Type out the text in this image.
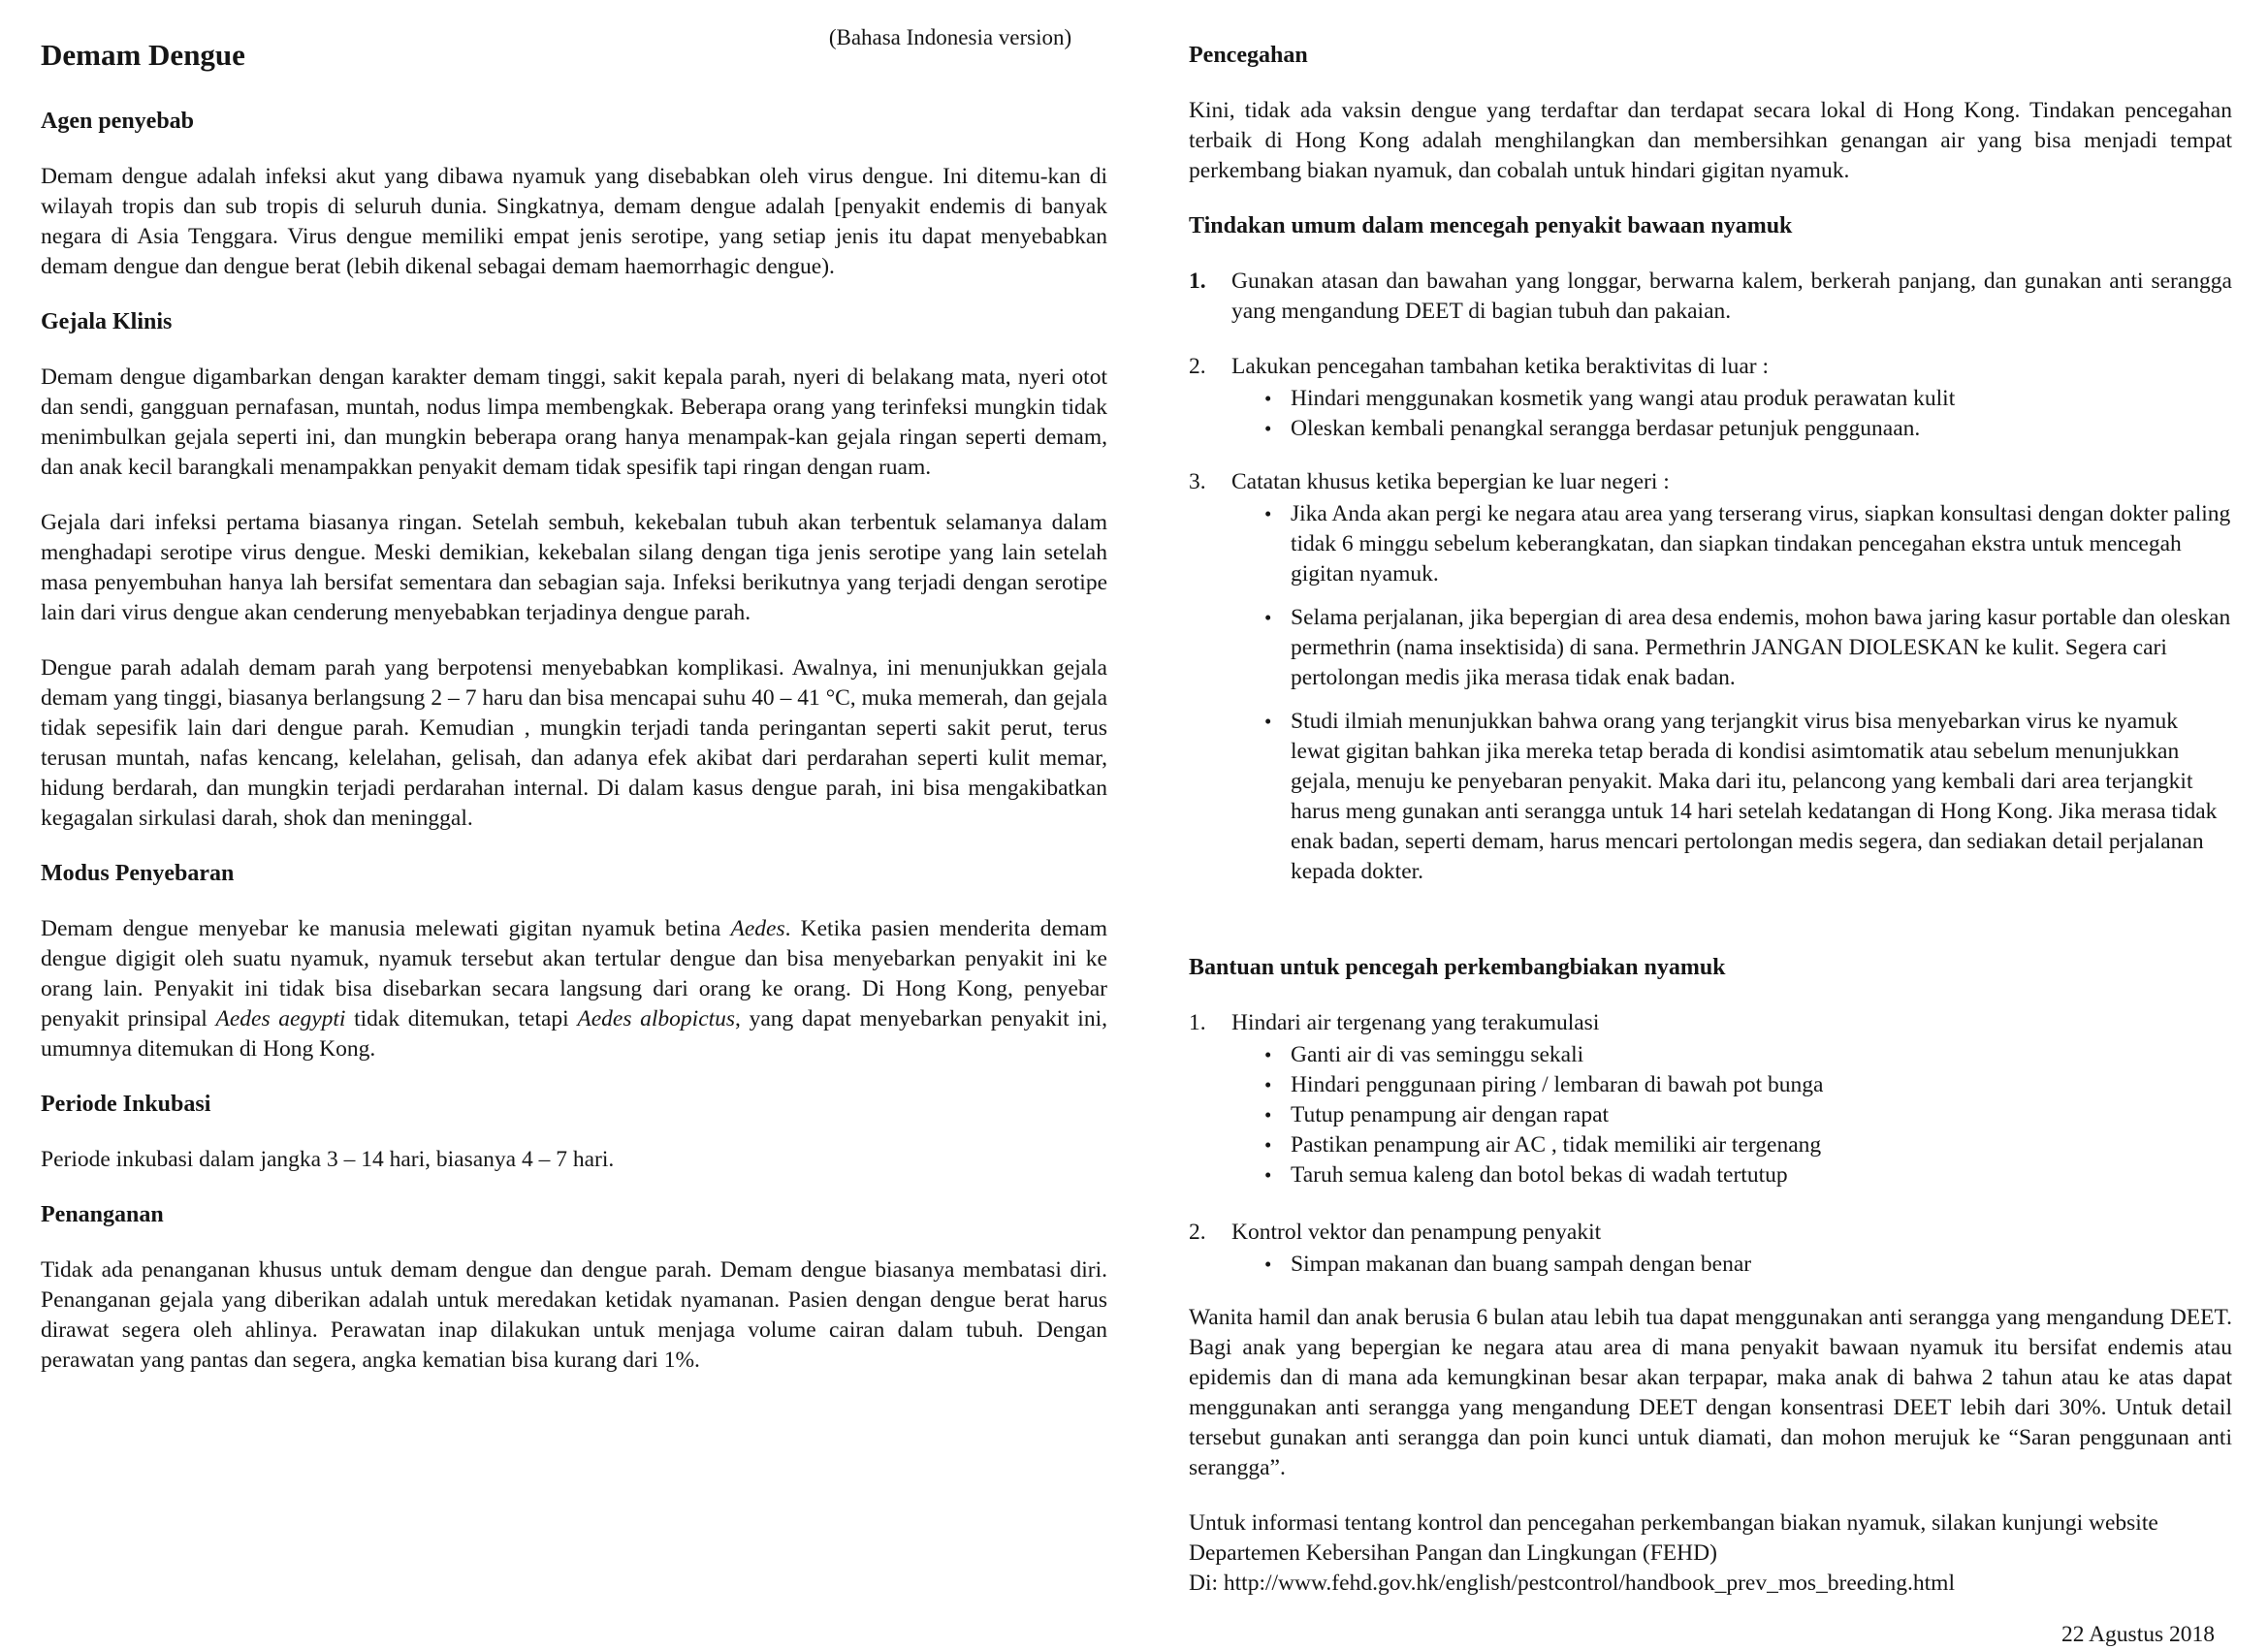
(Bahasa Indonesia version)
Demam Dengue
Agen penyebab

Demam dengue adalah infeksi akut yang dibawa nyamuk yang disebabkan oleh virus dengue. Ini ditemu-kan di wilayah tropis dan sub tropis di seluruh dunia. Singkatnya, demam dengue adalah [penyakit endemis di banyak negara di Asia Tenggara. Virus dengue memiliki empat jenis serotipe, yang setiap jenis itu dapat menyebabkan demam dengue dan dengue berat (lebih dikenal sebagai demam haemorrhagic dengue).

Gejala Klinis

Demam dengue digambarkan dengan karakter demam tinggi, sakit kepala parah, nyeri di belakang mata, nyeri otot dan sendi, gangguan pernafasan, muntah, nodus limpa membengkak. Beberapa orang yang terinfeksi mungkin tidak menimbulkan gejala seperti ini, dan mungkin beberapa orang hanya menampak-kan gejala ringan seperti demam, dan anak kecil barangkali menampakkan penyakit demam tidak spesifik tapi ringan dengan ruam.

Gejala dari infeksi pertama biasanya ringan. Setelah sembuh, kekebalan tubuh akan terbentuk selamanya dalam menghadapi serotipe virus dengue. Meski demikian, kekebalan silang dengan tiga jenis serotipe yang lain setelah masa penyembuhan hanya lah bersifat sementara dan sebagian saja. Infeksi berikutnya yang terjadi dengan serotipe lain dari virus dengue akan cenderung menyebabkan terjadinya dengue parah.

Dengue parah adalah demam parah yang berpotensi menyebabkan komplikasi. Awalnya, ini menunjukkan gejala demam yang tinggi, biasanya berlangsung 2 – 7 haru dan bisa mencapai suhu 40 – 41 °C, muka memerah, dan gejala tidak sepesifik lain dari dengue parah. Kemudian , mungkin terjadi tanda peringantan seperti sakit perut, terus terusan muntah, nafas kencang, kelelahan, gelisah, dan adanya efek akibat dari perdarahan seperti kulit memar, hidung berdarah, dan mungkin terjadi perdarahan internal. Di dalam kasus dengue parah, ini bisa mengakibatkan kegagalan sirkulasi darah, shok dan meninggal.

Modus Penyebaran

Demam dengue menyebar ke manusia melewati gigitan nyamuk betina Aedes. Ketika pasien menderita demam dengue digigit oleh suatu nyamuk, nyamuk tersebut akan tertular dengue dan bisa menyebarkan penyakit ini ke orang lain. Penyakit ini tidak bisa disebarkan secara langsung dari orang ke orang. Di Hong Kong, penyebar penyakit prinsipal Aedes aegypti tidak ditemukan, tetapi Aedes albopictus, yang dapat menyebarkan penyakit ini, umumnya ditemukan di Hong Kong.

Periode Inkubasi

Periode inkubasi dalam jangka 3 – 14 hari, biasanya 4 – 7 hari.

Penanganan

Tidak ada penanganan khusus untuk demam dengue dan dengue parah. Demam dengue biasanya membatasi diri. Penanganan gejala yang diberikan adalah untuk meredakan ketidak nyamanan. Pasien dengan dengue berat harus dirawat segera oleh ahlinya. Perawatan inap dilakukan untuk menjaga volume cairan dalam tubuh. Dengan perawatan yang pantas dan segera, angka kematian bisa kurang dari 1%.

Pencegahan

Kini, tidak ada vaksin dengue yang terdaftar dan terdapat secara lokal di Hong Kong. Tindakan pencegahan terbaik di Hong Kong adalah menghilangkan dan membersihkan genangan air yang bisa menjadi tempat perkembang biakan nyamuk, dan cobalah untuk hindari gigitan nyamuk.

Tindakan umum dalam mencegah penyakit bawaan nyamuk
1.	Gunakan atasan dan bawahan yang longgar, berwarna kalem, berkerah panjang, dan gunakan anti serangga yang mengandung DEET di bagian tubuh dan pakaian.

2.	Lakukan pencegahan tambahan ketika beraktivitas di luar :

•

Hindari menggunakan kosmetik yang wangi atau produk perawatan kulit

•

Oleskan kembali penangkal serangga berdasar petunjuk penggunaan.

3.	Catatan khusus ketika bepergian ke luar negeri :

•

Jika Anda akan pergi ke negara atau area yang terserang virus, siapkan konsultasi dengan dokter paling tidak 6 minggu sebelum keberangkatan, dan siapkan tindakan pencegahan ekstra untuk mencegah gigitan nyamuk.

•

Selama perjalanan, jika bepergian di area desa endemis, mohon bawa jaring kasur portable dan oleskan permethrin (nama insektisida) di sana. Permethrin JANGAN DIOLESKAN ke kulit. Segera cari pertolongan medis jika merasa tidak enak badan.

•

Studi ilmiah menunjukkan bahwa orang yang terjangkit virus bisa menyebarkan virus ke nyamuk lewat gigitan bahkan jika mereka tetap berada di kondisi asimtomatik atau sebelum menunjukkan gejala, menuju ke penyebaran penyakit. Maka dari itu, pelancong yang kembali dari area terjangkit harus meng gunakan anti serangga untuk 14 hari setelah kedatangan di Hong Kong. Jika merasa tidak enak badan, seperti demam, harus mencari pertolongan medis segera, dan sediakan detail perjalanan kepada dokter.

Bantuan untuk pencegah perkembangbiakan nyamuk
1.	Hindari air tergenang yang terakumulasi

•

Ganti air di vas seminggu sekali

•

Hindari penggunaan piring / lembaran di bawah pot bunga

•

Tutup penampung air dengan rapat

•

Pastikan penampung air AC , tidak memiliki air tergenang

•

Taruh semua kaleng dan botol bekas di wadah tertutup

2.	Kontrol vektor dan penampung penyakit

•

Simpan makanan dan buang sampah dengan benar

Wanita hamil dan anak berusia 6 bulan atau lebih tua dapat menggunakan anti serangga yang mengandung DEET. Bagi anak yang bepergian ke negara atau area di mana penyakit bawaan nyamuk itu bersifat endemis atau epidemis dan di mana ada kemungkinan besar akan terpapar, maka anak di bahwa 2 tahun atau ke atas dapat menggunakan anti serangga yang mengandung DEET dengan konsentrasi DEET lebih dari 30%. Untuk detail tersebut gunakan anti serangga dan poin kunci untuk diamati, dan mohon merujuk ke “Saran penggunaan anti serangga”.

Untuk informasi tentang kontrol dan pencegahan perkembangan biakan nyamuk, silakan kunjungi website

Departemen Kebersihan Pangan dan Lingkungan (FEHD)

Di: http://www.fehd.gov.hk/english/pestcontrol/handbook_prev_mos_breeding.html

22 Agustus 2018
